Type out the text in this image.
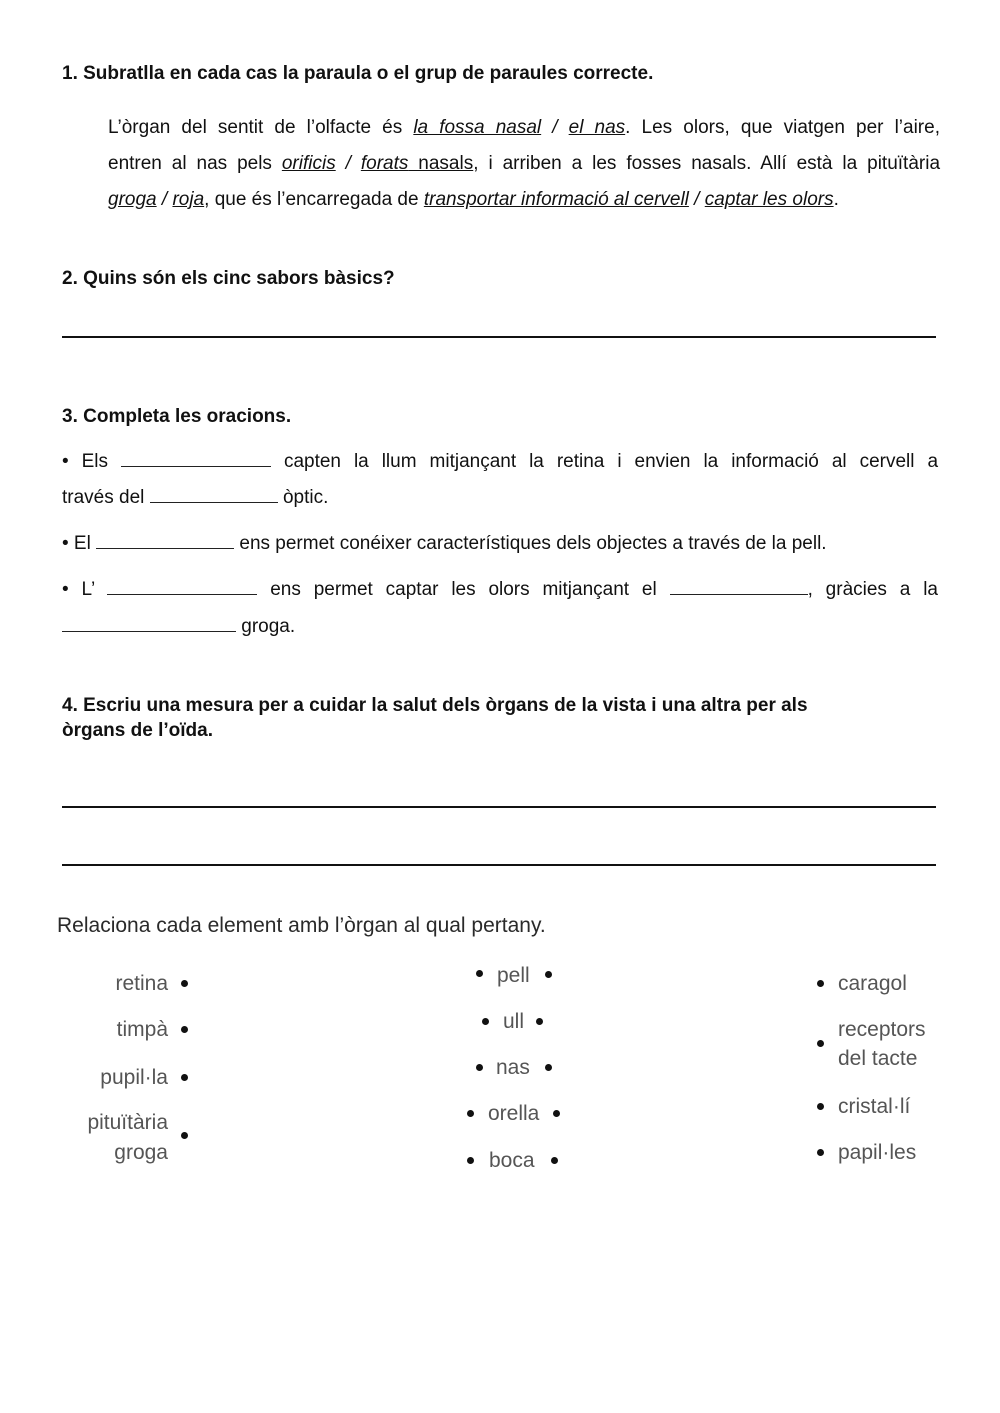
1. Subratlla en cada cas la paraula o el grup de paraules correcte.
L’òrgan del sentit de l’olfacte és la fossa nasal / el nas. Les olors, que viatgen per l’aire,
entren al nas pels orificis / forats nasals, i arriben a les fosses nasals. Allí està la pituïtària
groga / roja, que és l’encarregada de transportar informació al cervell / captar les olors.
2. Quins són els cinc sabors bàsics?
3. Completa les oracions.
• Els	capten la llum mitjançant la retina i envien la informació al cervell a
través del	òptic.
• El	ens permet conéixer característiques dels objectes a través de la pell.
• L’	ens permet captar les olors mitjançant el	, gràcies a la
groga.
4. Escriu una mesura per a cuidar la salut dels òrgans de la vista i una altra per als
òrgans de l’oïda.
Relaciona cada element amb l’òrgan al qual pertany.
retina
timpà
pupil·la
pituïtària
groga
pell
ull
nas
orella
boca
caragol
receptors
del tacte
cristal·lí
papil·les
